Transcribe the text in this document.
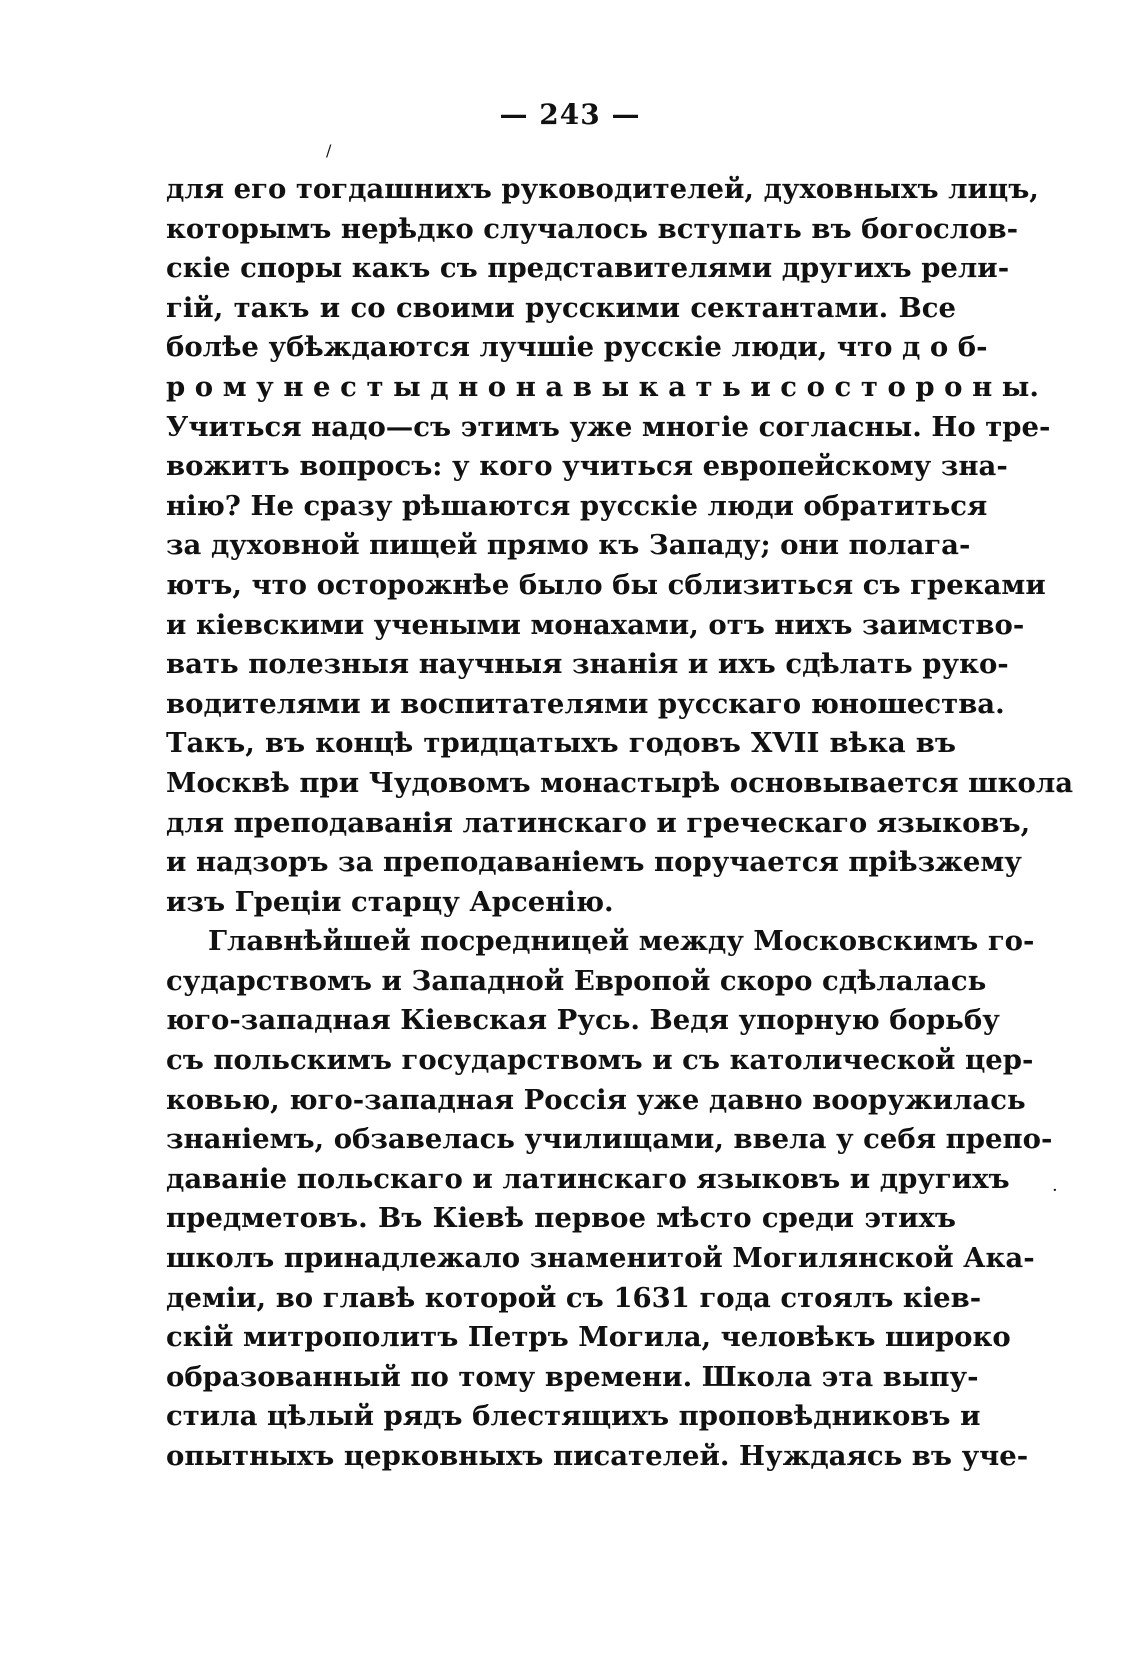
— 243 —
/
·
для его тогдашнихъ руководителей, духовныхъ лицъ,
которымъ нерѣдко случалось вступать въ богослов-
скіе споры какъ съ представителями другихъ рели-
гій, такъ и со своими русскими сектантами. Все
болѣе убѣждаются лучшіе русскіе люди, что д о б-
р о м у н е с т ы д н о н а в ы к а т ь и с о с т о р о н ы.
Учиться надо—съ этимъ уже многіе согласны. Но тре-
вожитъ вопросъ: у кого учиться европейскому зна-
нію? Не сразу рѣшаются русскіе люди обратиться
за духовной пищей прямо къ Западу; они полага-
ютъ, что осторожнѣе было бы сблизиться съ греками
и кіевскими учеными монахами, отъ нихъ заимство-
вать полезныя научныя знанія и ихъ сдѣлать руко-
водителями и воспитателями русскаго юношества.
Такъ, въ концѣ тридцатыхъ годовъ XVII вѣка въ
Москвѣ при Чудовомъ монастырѣ основывается школа
для преподаванія латинскаго и греческаго языковъ,
и надзоръ за преподаваніемъ поручается пріѣзжему
изъ Греціи старцу Арсенію.
Главнѣйшей посредницей между Московскимъ го-
сударствомъ и Западной Европой скоро сдѣлалась
юго-западная Кіевская Русь. Ведя упорную борьбу
съ польскимъ государствомъ и съ католической цер-
ковью, юго-западная Россія уже давно вооружилась
знаніемъ, обзавелась училищами, ввела у себя препо-
даваніе польскаго и латинскаго языковъ и другихъ
предметовъ. Въ Кіевѣ первое мѣсто среди этихъ
школъ принадлежало знаменитой Могилянской Ака-
деміи, во главѣ которой съ 1631 года стоялъ кіев-
скій митрополитъ Петръ Могила, человѣкъ широко
образованный по тому времени. Школа эта выпу-
стила цѣлый рядъ блестящихъ проповѣдниковъ и
опытныхъ церковныхъ писателей. Нуждаясь въ уче-
